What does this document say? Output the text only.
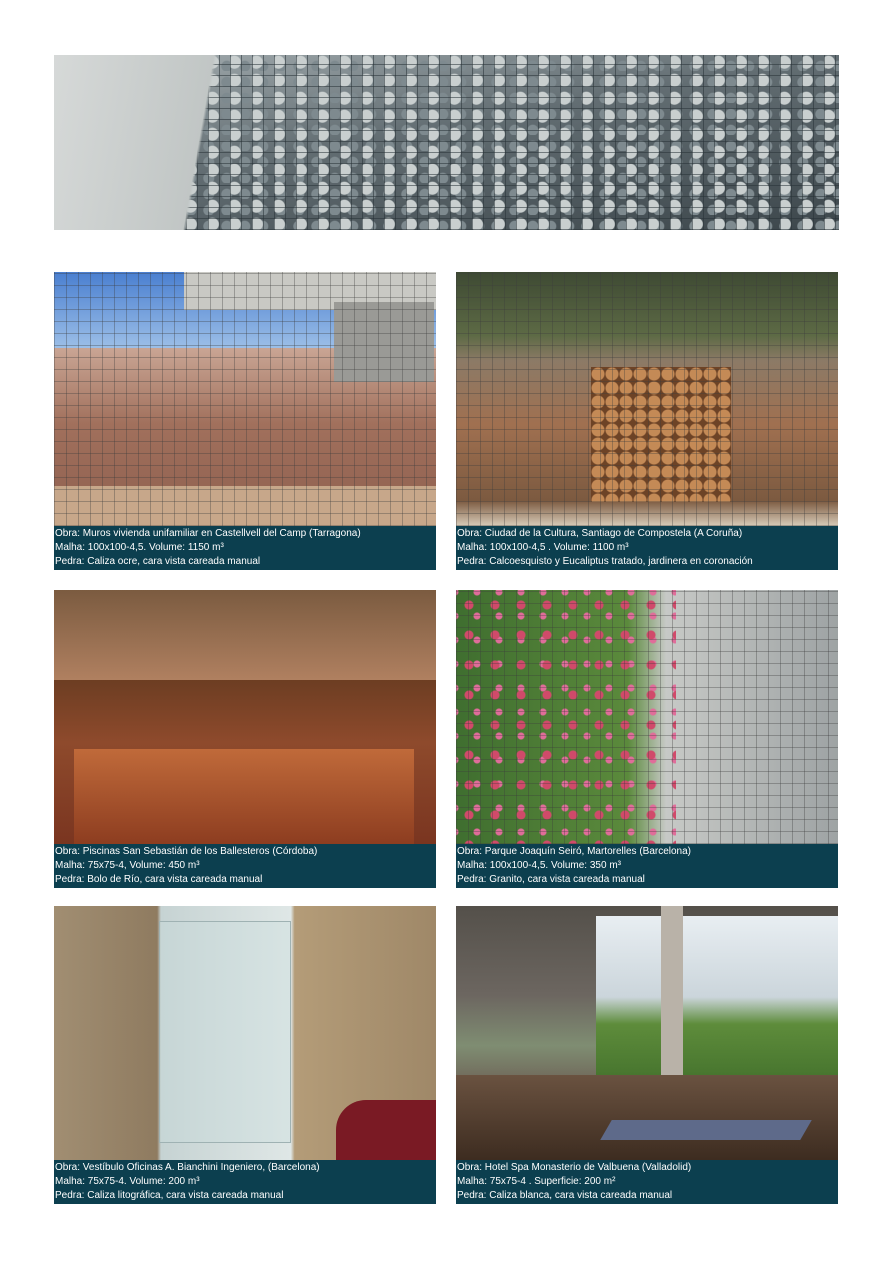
Obra: Muros vivienda unifamiliar en Castellvell del Camp (Tarragona)
Malha: 100x100-4,5. Volume: 1150 m³
Pedra: Caliza ocre, cara vista careada manual
Obra: Ciudad de la Cultura, Santiago de Compostela (A Coruña)
Malha: 100x100-4,5 . Volume: 1100 m³
Pedra: Calcoesquisto y Eucaliptus tratado, jardinera en coronación
Obra: Piscinas San Sebastián de los Ballesteros (Córdoba)
Malha: 75x75-4, Volume: 450 m³
Pedra: Bolo de Río, cara vista careada manual
Obra: Parque Joaquín Seiró, Martorelles (Barcelona)
Malha: 100x100-4,5. Volume: 350 m³
Pedra: Granito, cara vista careada manual
Obra: Vestíbulo Oficinas A. Bianchini Ingeniero, (Barcelona)
Malha: 75x75-4. Volume: 200 m³
Pedra: Caliza litográfica, cara vista careada manual
Obra: Hotel Spa Monasterio de Valbuena (Valladolid)
Malha: 75x75-4 . Superficie: 200 m²
Pedra: Caliza blanca, cara vista careada manual
